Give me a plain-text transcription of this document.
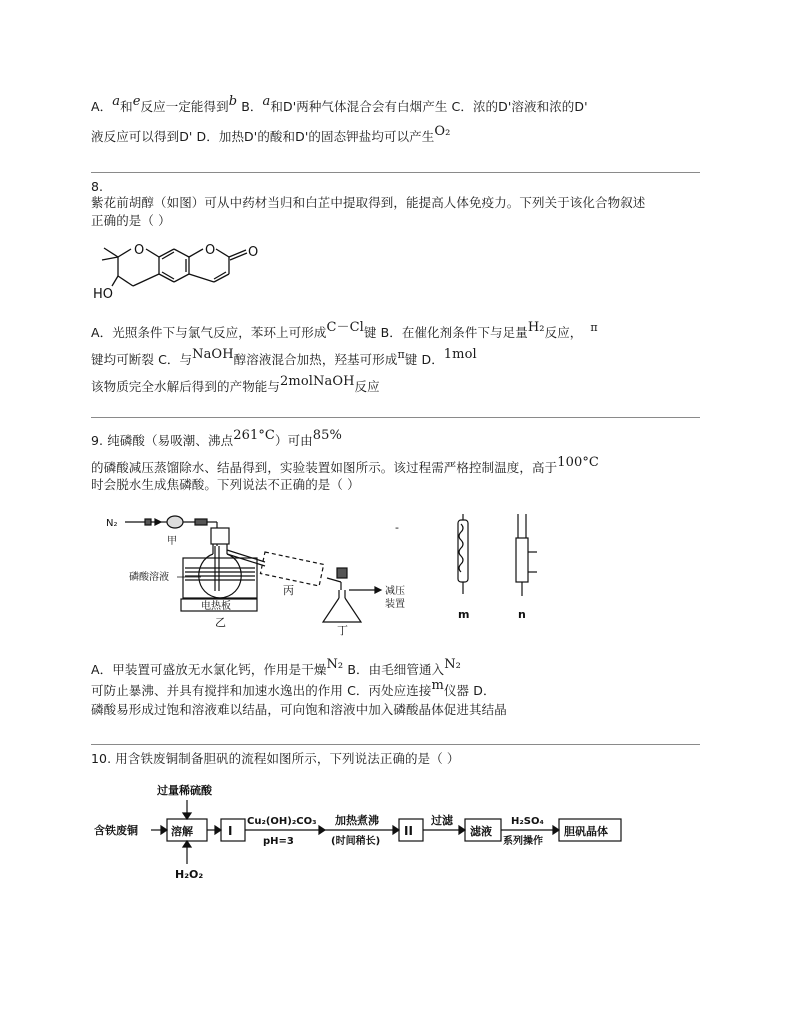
A．a和e反应一定能得到b B．a和D'两种气体混合会有白烟产生 C．浓的D'溶液和浓的D'
液反应可以得到D' D．加热D'的酸和D'的固态钾盐均可以产生O₂
8.
紫花前胡醇（如图）可从中药材当归和白芷中提取得到，能提高人体免疫力。下列关于该化合物叙述
正确的是（ ）
O	O	O
HO
A．光照条件下与氯气反应，苯环上可形成C－Cl键 B．在催化剂条件下与足量H₂反应， π
键均可断裂 C．与NaOH醇溶液混合加热，羟基可形成π键 D．1mol
该物质完全水解后得到的产物能与2molNaOH反应
9. 纯磷酸（易吸潮、沸点261°C）可由85%
的磷酸减压蒸馏除水、结晶得到，实验装置如图所示。该过程需严格控制温度，高于100°C
时会脱水生成焦磷酸。下列说法不正确的是（ ）
N₂
甲
磷酸溶液
电热板
乙
丙
丁
减压
装置
m	n
-
A．甲装置可盛放无水氯化钙，作用是干燥N₂ B．由毛细管通入N₂
可防止暴沸、并具有搅拌和加速水逸出的作用 C．丙处应连接m仪器 D．
磷酸易形成过饱和溶液难以结晶，可向饱和溶液中加入磷酸晶体促进其结晶
10. 用含铁废铜制备胆矾的流程如图所示，下列说法正确的是（ ）
过量稀硫酸
含铁废铜	溶解	I
Cu₂(OH)₂CO₃
pH=3
加热煮沸
(时间稍长)
II
过滤
滤液
H₂SO₄
系列操作
胆矾晶体
H₂O₂
